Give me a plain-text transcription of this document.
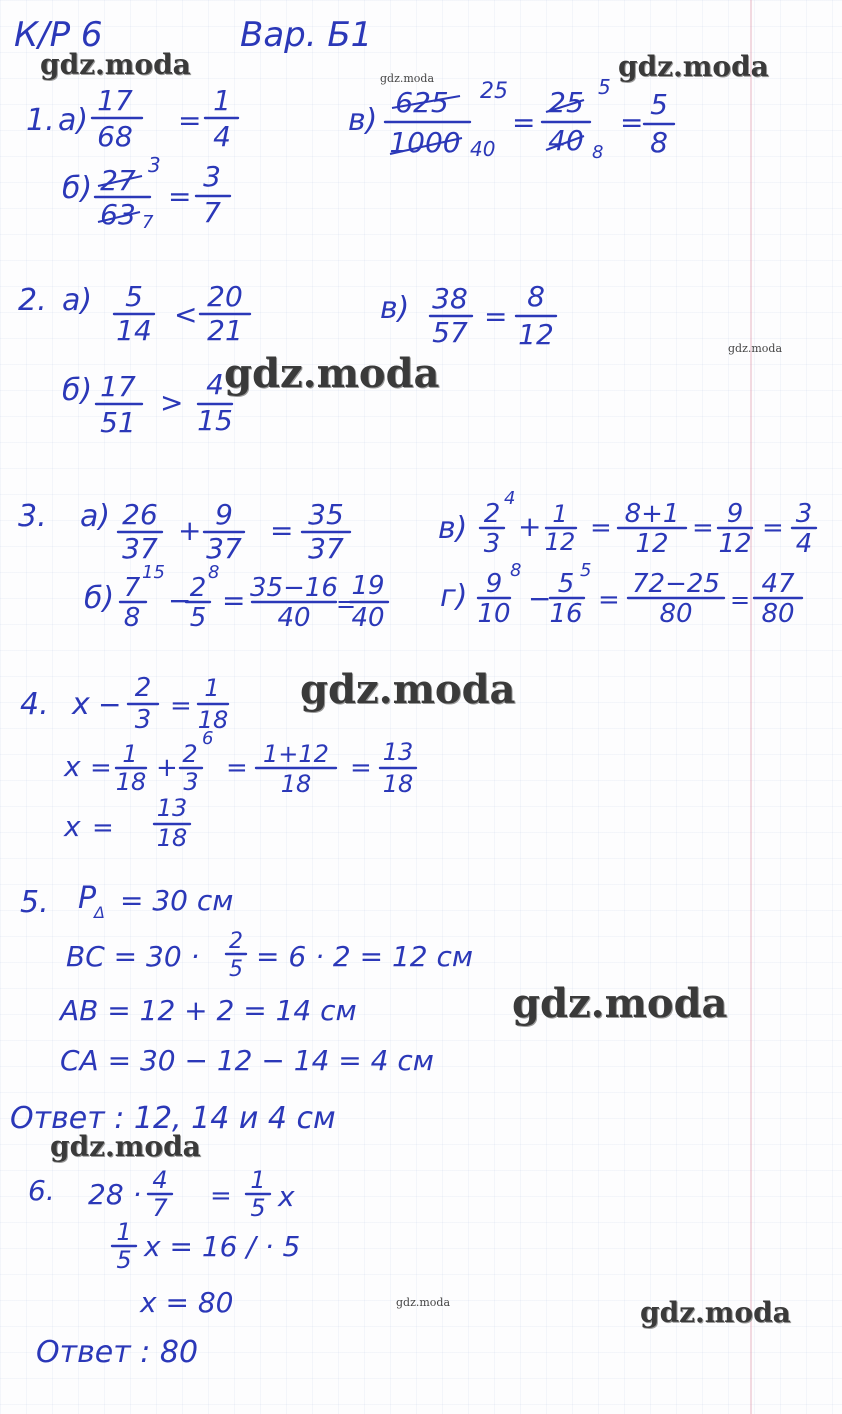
К/Р 6	Вар. Б1
1. а)
17
68 =
1
4
б) 27 3
63 7
=
3
7
в)
625 25
1000 40
=
25 5
40 8
=
5
8
2. а) 5
14 <
20
21
б) 17
51
>
4
15
в) 38
57 =
8
12
3. а) 26
37
+ 9
37
= 35
37
б) 7
15
8
−
2
8
5
= 35−16
40 =
19
40
в) 2
4
3
+ 1
12 = 8+1
12
= 9
12
= 3
4
г) 9 8
10 − 5 5
16 =
72−25
80 =
47
80
4. x − 2
3 =
1
18
x = 1
18 + 2
6
3 = 1+12
18
=
13
18
x =
13
18
5. P
Δ = 30 см
BC = 30 · 2
5 = 6 · 2 = 12 см
AB = 12 + 2 = 14 см
CA = 30 − 12 − 14 = 4 см
Ответ : 12, 14 и 4 см
6. 28 · 4
7 =
1
5 x
1
5 x = 16 / · 5
x = 80
Ответ : 80
gdz.moda	gdz.moda
gdz.moda
gdz.moda
gdz.moda
gdz.moda
gdz.moda
gdz.moda
gdz.moda	gdz.moda
